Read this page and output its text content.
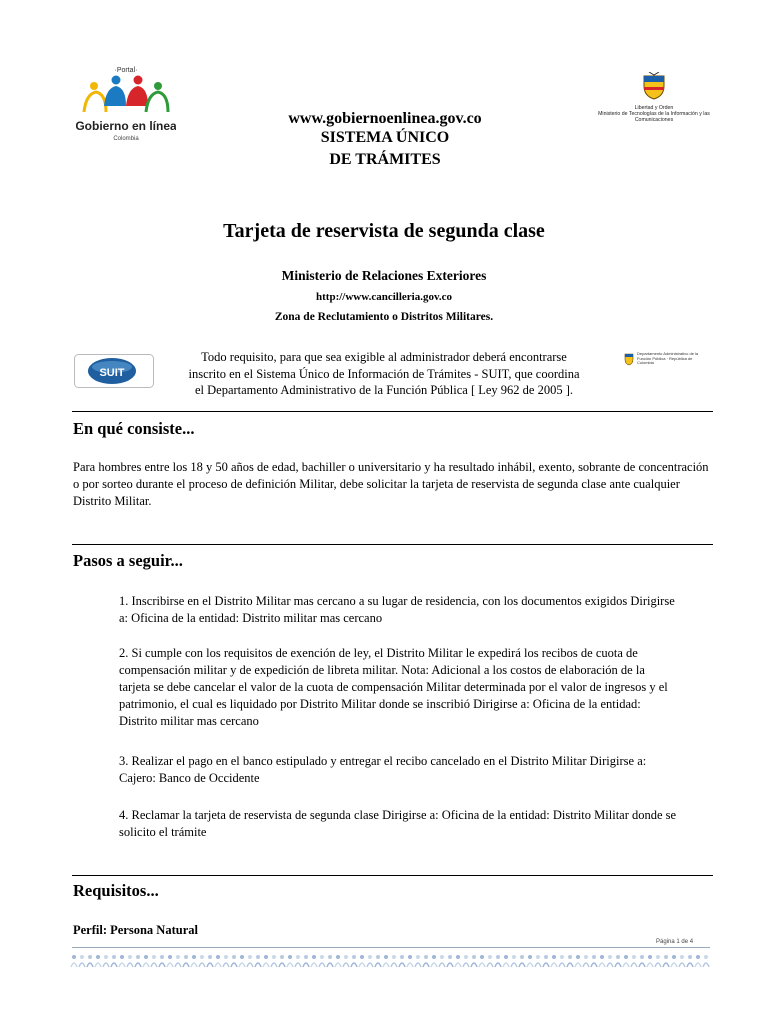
·Portal·
Gobierno en línea
Colombia
Libertad y Orden
Ministerio de Tecnologías de la Información y las Comunicaciones
www.gobiernoenlinea.gov.co
SISTEMA ÚNICO
DE TRÁMITES
Tarjeta de reservista de segunda clase
Ministerio de Relaciones Exteriores
http://www.cancilleria.gov.co
Zona de Reclutamiento o Distritos Militares.
SUIT
Departamento Administrativo de la Función Pública · República de Colombia
Todo requisito, para que sea exigible al administrador deberá encontrarse
inscrito en el Sistema Único de Información de Trámites - SUIT, que coordina
el Departamento Administrativo de la Función Pública [ Ley 962 de 2005 ].
En qué consiste...
Para hombres entre los 18 y 50 años de edad, bachiller o universitario y ha resultado inhábil, exento, sobrante de concentración o por sorteo durante el proceso de definición Militar, debe solicitar la tarjeta de reservista de segunda clase ante cualquier Distrito Militar.
Pasos a seguir...
1. Inscribirse en el Distrito Militar mas cercano a su lugar de residencia, con los documentos exigidos Dirigirse a: Oficina de la entidad: Distrito militar mas cercano
2. Si cumple con los requisitos de exención de ley, el Distrito Militar le expedirá los recibos de cuota de compensación militar y de expedición de libreta militar. Nota: Adicional a los costos de elaboración de la tarjeta se debe cancelar el valor de la cuota de compensación Militar determinada por el valor de ingresos y el patrimonio, el cual es liquidado por Distrito Militar donde se inscribió Dirigirse a: Oficina de la entidad: Distrito militar mas cercano
3. Realizar el pago en el banco estipulado y entregar el recibo cancelado en el Distrito Militar Dirigirse a: Cajero: Banco de Occidente
4. Reclamar la tarjeta de reservista de segunda clase Dirigirse a: Oficina de la entidad: Distrito Militar donde se solicito el trámite
Requisitos...
Perfil: Persona Natural
Página 1 de 4
